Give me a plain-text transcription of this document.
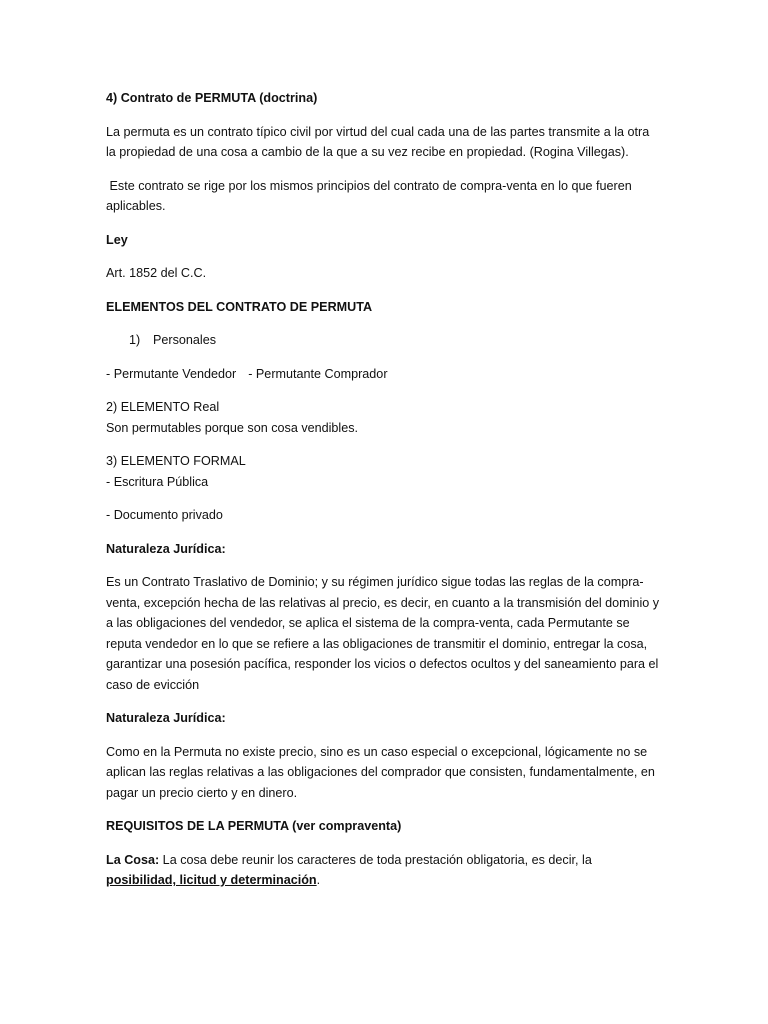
4) Contrato de PERMUTA (doctrina)

La permuta es un contrato típico civil por virtud del cual cada una de las partes transmite a la otra la propiedad de una cosa a cambio de la que a su vez recibe en propiedad. (Rogina Villegas).

Este contrato se rige por los mismos principios del contrato de compra-venta en lo que fueren aplicables.

Ley

Art. 1852 del C.C.

ELEMENTOS DEL CONTRATO DE PERMUTA

1) Personales

- Permutante Vendedor - Permutante Comprador

2) ELEMENTO Real

Son permutables porque son cosa vendibles.

3) ELEMENTO FORMAL

- Escritura Pública

- Documento privado

Naturaleza Jurídica:

Es un Contrato Traslativo de Dominio; y su régimen jurídico sigue todas las reglas de la compra-venta, excepción hecha de las relativas al precio, es decir, en cuanto a la transmisión del dominio y a las obligaciones del vendedor, se aplica el sistema de la compra-venta, cada Permutante se reputa vendedor en lo que se refiere a las obligaciones de transmitir el dominio, entregar la cosa, garantizar una posesión pacífica, responder los vicios o defectos ocultos y del saneamiento para el caso de evicción

Naturaleza Jurídica:

Como en la Permuta no existe precio, sino es un caso especial o excepcional, lógicamente no se aplican las reglas relativas a las obligaciones del comprador que consisten, fundamentalmente, en pagar un precio cierto y en dinero.

REQUISITOS DE LA PERMUTA (ver compraventa)

La Cosa: La cosa debe reunir los caracteres de toda prestación obligatoria, es decir, la posibilidad, licitud y determinación.
